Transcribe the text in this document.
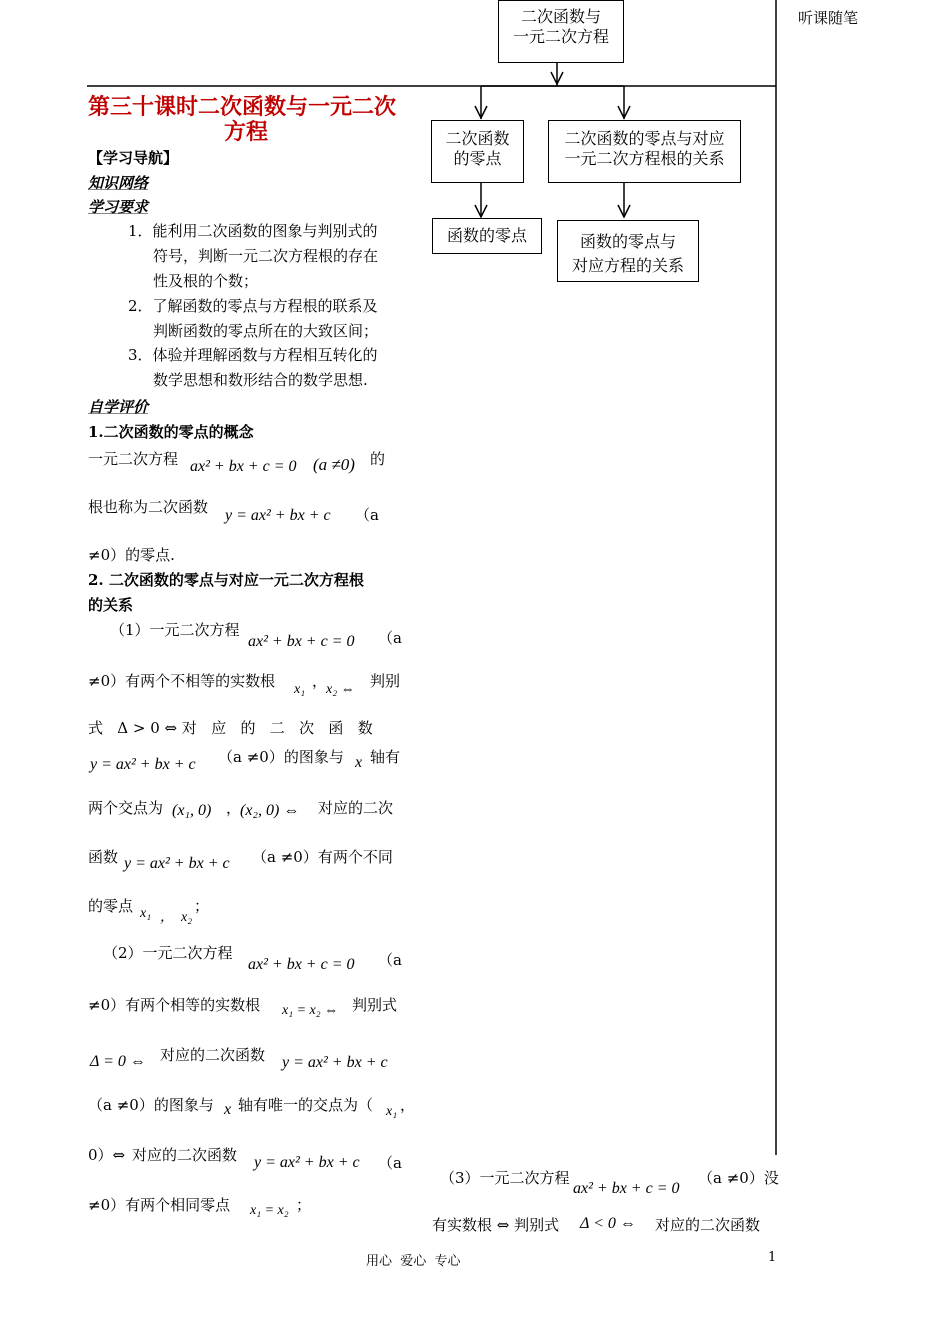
听课随笔
二次函数与
一元二次方程
二次函数
的零点
二次函数的零点与对应
一元二次方程根的关系
函数的零点	函数的零点与
对应方程的关系
第三十课时二次函数与一元二次
方程
【学习导航】
知识网络
学习要求
1．能利用二次函数的图象与判别式的
符号，判断一元二次方程根的存在
性及根的个数；
2．了解函数的零点与方程根的联系及
判断函数的零点所在的大致区间；
3．体验并理解函数与方程相互转化的
数学思想和数形结合的数学思想.
自学评价
1.二次函数的零点的概念
一元二次方程 ax² + bx + c = 0 (a ≠0) 的
根也称为二次函数 y = ax² + bx + c （a
≠0）的零点.
2. 二次函数的零点与对应一元二次方程根
的关系
（1）一元二次方程
ax² + bx + c = 0 （a
≠0）有两个不相等的实数根 x₁ ，
x₂ ⇔ 判别
式   Δ > 0 ⇔ 对   应   的   二   次   函   数
y = ax² + bx + c （a ≠0）的图象与 x 轴有
两个交点为 (x₁, 0) ，
(x₂, 0) ⇔ 对应的二次
函数 y = ax² + bx + c （a ≠0）有两个不同
的零点 x₁ ，  x₂
；
（2）一元二次方程
ax² + bx + c = 0 （a
≠0）有两个相等的实数根 x₁ = x₂ ⇔ 判别式
Δ = 0 ⇔ 对应的二次函数 y = ax² + bx + c
（a ≠0）的图象与 x 轴有唯一的交点为（ x₁ ，
0）⇔ 对应的二次函数 y = ax² + bx + c （a
≠0）有两个相同零点 x₁ = x₂ ；
（3）一元二次方程
ax² + bx + c = 0
（a ≠0）没
有实数根 ⇔ 判别式 Δ < 0 ⇔ 对应的二次函数
用心  爱心  专心	1
